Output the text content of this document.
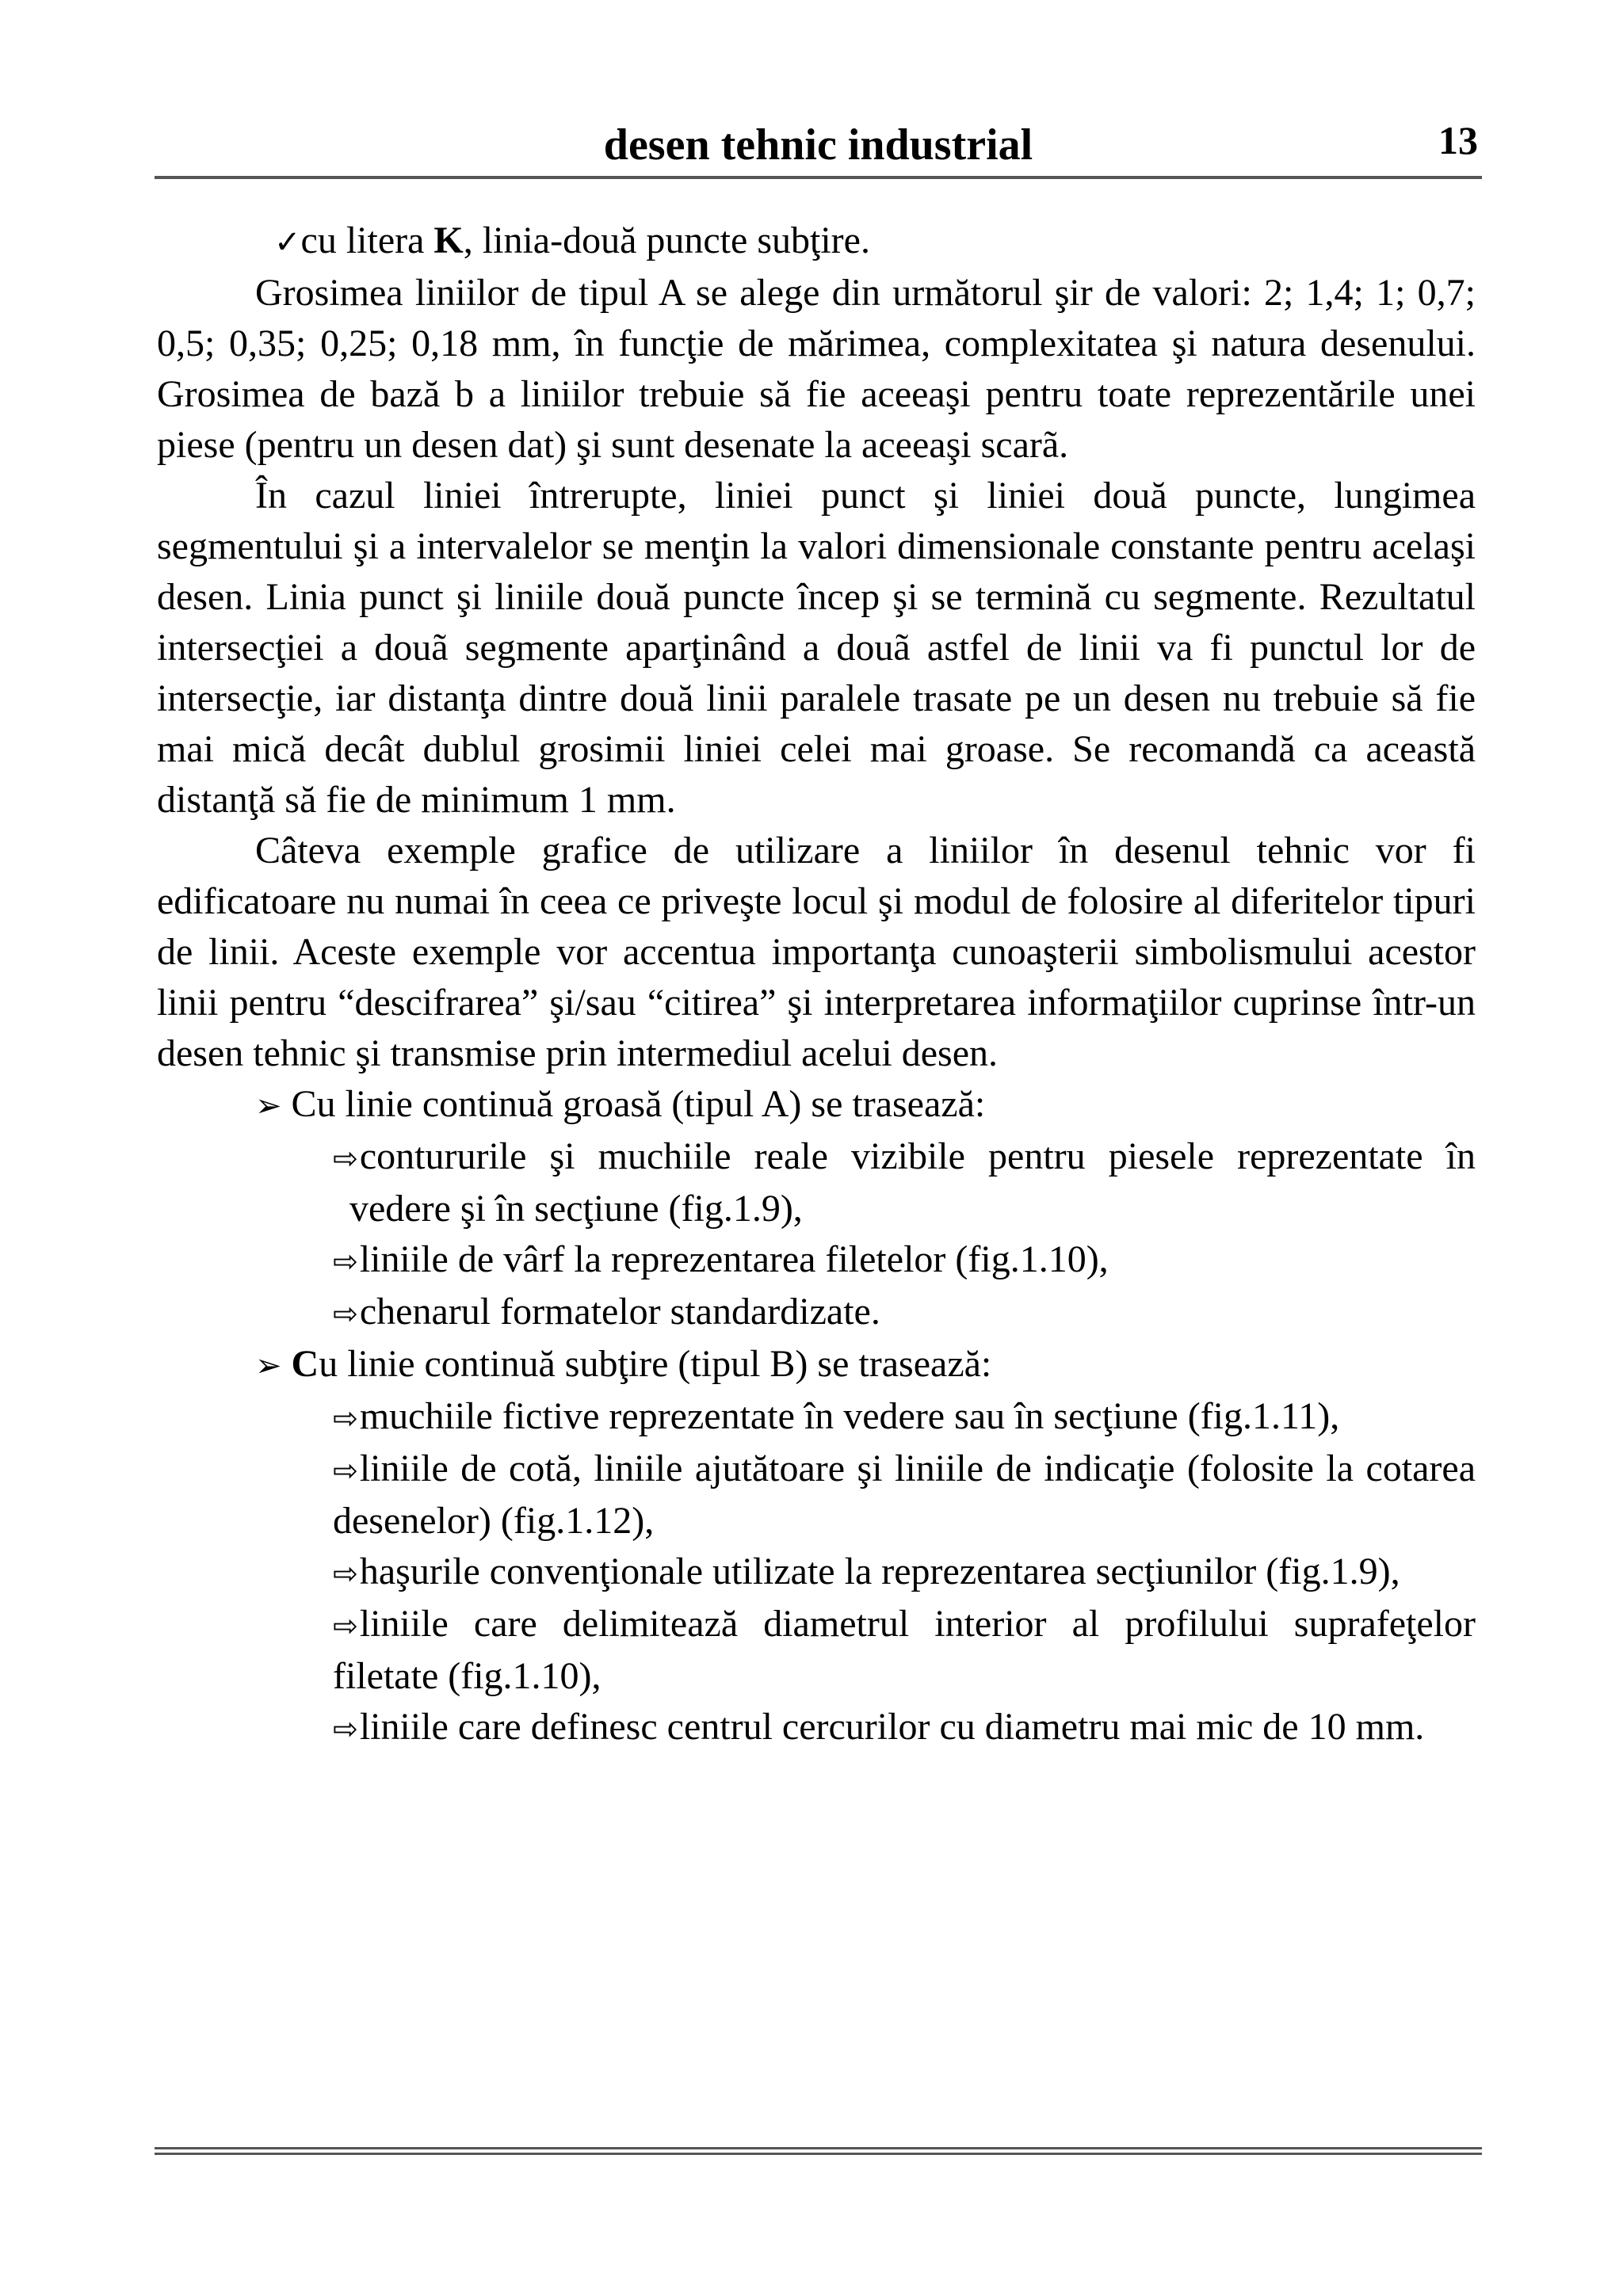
desen tehnic industrial	13

✓cu litera K, linia-două puncte subţire.

Grosimea liniilor de tipul A se alege din următorul şir de valori: 2; 1,4; 1; 0,7; 0,5; 0,35; 0,25; 0,18 mm, în funcţie de mărimea, complexitatea şi natura desenului. Grosimea de bază b a liniilor trebuie să fie aceeaşi pentru toate reprezentările unei piese (pentru un desen dat) şi sunt desenate la aceeaşi scarã.

În cazul liniei întrerupte, liniei punct şi liniei două puncte, lungimea segmentului şi a intervalelor se menţin la valori dimensionale constante pentru acelaşi desen. Linia punct şi liniile două puncte încep şi se termină cu segmente. Rezultatul intersecţiei a douã segmente aparţinând a douã astfel de linii va fi punctul lor de intersecţie, iar distanţa dintre două linii paralele trasate pe un desen nu trebuie să fie mai mică decât dublul grosimii liniei celei mai groase. Se recomandă ca această distanţă să fie de minimum 1 mm.

Câteva exemple grafice de utilizare a liniilor în desenul tehnic vor fi edificatoare nu numai în ceea ce priveşte locul şi modul de folosire al diferitelor tipuri de linii. Aceste exemple vor accentua importanţa cunoaşterii simbolismului acestor linii pentru “descifrarea” şi/sau “citirea” şi interpretarea informaţiilor cuprinse într-un desen tehnic şi transmise prin intermediul acelui desen.

➢ Cu linie continuă groasă (tipul A) se trasează:

⇨contururile şi muchiile reale vizibile pentru piesele reprezentate în vedere şi în secţiune (fig.1.9),

⇨liniile de vârf la reprezentarea filetelor (fig.1.10),

⇨chenarul formatelor standardizate.

➢ Cu linie continuă subţire (tipul B) se trasează:

⇨muchiile fictive reprezentate în vedere sau în secţiune (fig.1.11),

⇨liniile de cotă, liniile ajutătoare şi liniile de indicaţie (folosite la cotarea desenelor) (fig.1.12),

⇨haşurile convenţionale utilizate la reprezentarea secţiunilor (fig.1.9),

⇨liniile care delimitează diametrul interior al profilului suprafeţelor filetate (fig.1.10),

⇨liniile care definesc centrul cercurilor cu diametru mai mic de 10 mm.
